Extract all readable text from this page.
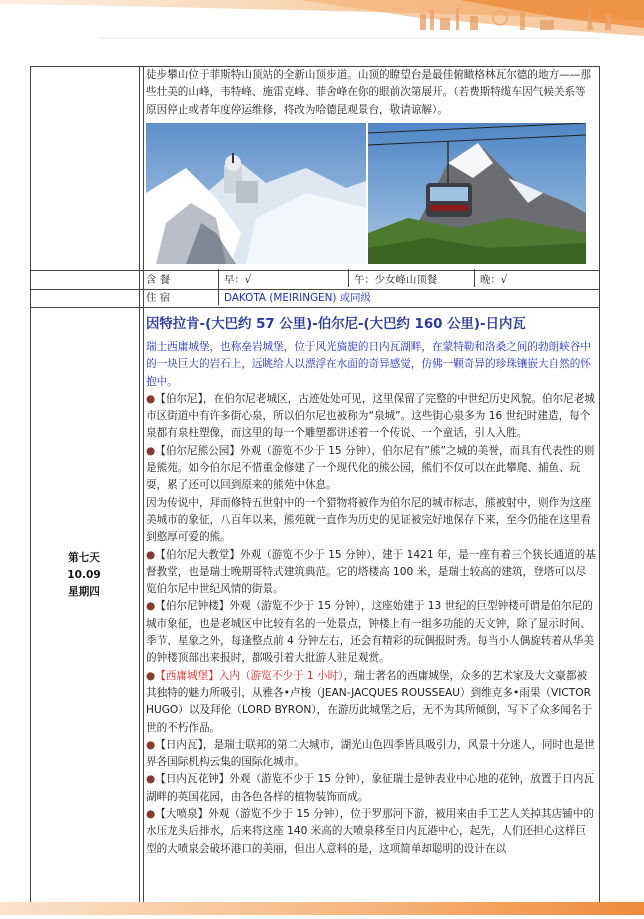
徒步攀山位于菲斯特山顶站的全新山顶步道。山顶的瞭望台是最佳俯瞰格林瓦尔德的地方——那些壮美的山峰，韦特峰、施雷克峰、菲舍峰在你的眼前次第展开。（若费斯特缆车因气候关系等原因停止或者年度停运维修，将改为哈德昆观景台，敬请谅解）。
含 餐	早：√	午：少女峰山顶餐	晚：√
住 宿	DAKOTA (MEIRINGEN) 或同级
第七天
10.09
星期四
因特拉肯-(大巴约 57 公里)-伯尔尼-(大巴约 160 公里)-日内瓦

瑞士西庸城堡，也称垒岩城堡，位于风光旖旎的日内瓦湖畔，在蒙特勒和洛桑之间的勃朗峡谷中的一块巨大的岩石上，远眺给人以漂浮在水面的奇异感觉，仿佛一颗奇异的珍珠镶嵌大自然的怀抱中。

●【伯尔尼】，在伯尔尼老城区，古迹处处可见，这里保留了完整的中世纪历史风貌。伯尔尼老城市区街道中有许多街心泉，所以伯尔尼也被称为“泉城”。这些街心泉多为 16 世纪时建造，每个泉都有泉柱塑像，而这里的每一个雕塑都讲述着一个传说、一个童话，引人入胜。

●【伯尔尼熊公园】外观（游览不少于 15 分钟），伯尔尼有”熊”之城的美誉，而具有代表性的则是熊苑。如今伯尔尼不惜重金修建了一个现代化的熊公园，熊们不仅可以在此攀爬、捕鱼、玩耍，累了还可以回到原来的熊苑中休息。

因为传说中，拜而修特五世射中的一个猎物将被作为伯尔尼的城市标志，熊被射中，则作为这座美城市的象征，八百年以来，熊苑就一直作为历史的见证被完好地保存下来，至今仍能在这里看到憨厚可爱的熊。

●【伯尔尼大教堂】外观（游览不少于 15 分钟），建于 1421 年，是一座有着三个狭长通道的基督教堂，也是瑞士晚期哥特式建筑典范。它的塔楼高 100 米，是瑞士较高的建筑，登塔可以尽览伯尔尼中世纪风情的街景。

●【伯尔尼钟楼】外观（游览不少于 15 分钟），这座始建于 13 世纪的巨型钟楼可谓是伯尔尼的城市象征，也是老城区中比较有名的一处景点，钟楼上有一组多功能的天文钟，除了显示时间、季节、星象之外，每逢整点前 4 分钟左右，还会有精彩的玩偶报时秀。每当小人偶旋转着从华美的钟楼顶部出来报时，都吸引着大批游人驻足观赏。

●【西庸城堡】入内（游览不少于 1 小时），瑞士著名的西庸城堡，众多的艺术家及大文豪都被其独特的魅力所吸引，从雅各•卢梭（JEAN-JACQUES ROUSSEAU）到维克多•雨果（VICTOR HUGO）以及拜伦（LORD BYRON），在游历此城堡之后，无不为其所倾倒，写下了众多闻名于世的不朽作品。

●【日内瓦】，是瑞士联邦的第二大城市，湖光山色四季皆具吸引力，风景十分迷人，同时也是世界各国际机构云集的国际化城市。

●【日内瓦花钟】外观（游览不少于 15 分钟），象征瑞士是钟表业中心地的花钟，放置于日内瓦湖畔的英国花园，由各色各样的植物装饰而成。

●【大喷泉】外观（游览不少于 15 分钟），位于罗那河下游，被用来由手工艺人关掉其店铺中的水压龙头后排水，后来将这座 140 米高的大喷泉移至日内瓦港中心，起先，人们还担心这样巨型的大喷泉会破坏港口的美丽，但出人意料的是，这项简单却聪明的设计在以
